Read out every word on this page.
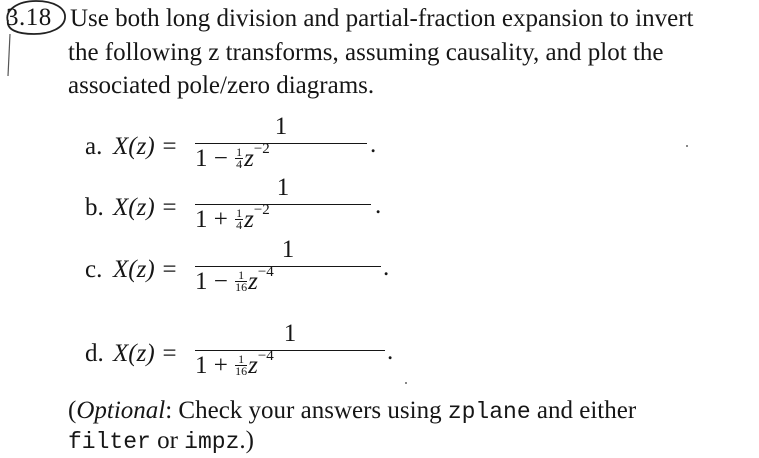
3.18 Use both long division and partial-fraction expansion to invert
the following z transforms, assuming causality, and plot the
associated pole/zero diagrams.
a. X(z) =
1
$1 - \frac{1}{4} z^{-2}$	.
b. X(z) =
1
$1 + \frac{1}{4} z^{-2}$	.
c. X(z) =
1
$1 - \frac{1}{16} z^{-4}$	.
d. X(z) =
1
$1 + \frac{1}{16} z^{-4}$	.
(Optional: Check your answers using zplane and either
filter or impz.)
